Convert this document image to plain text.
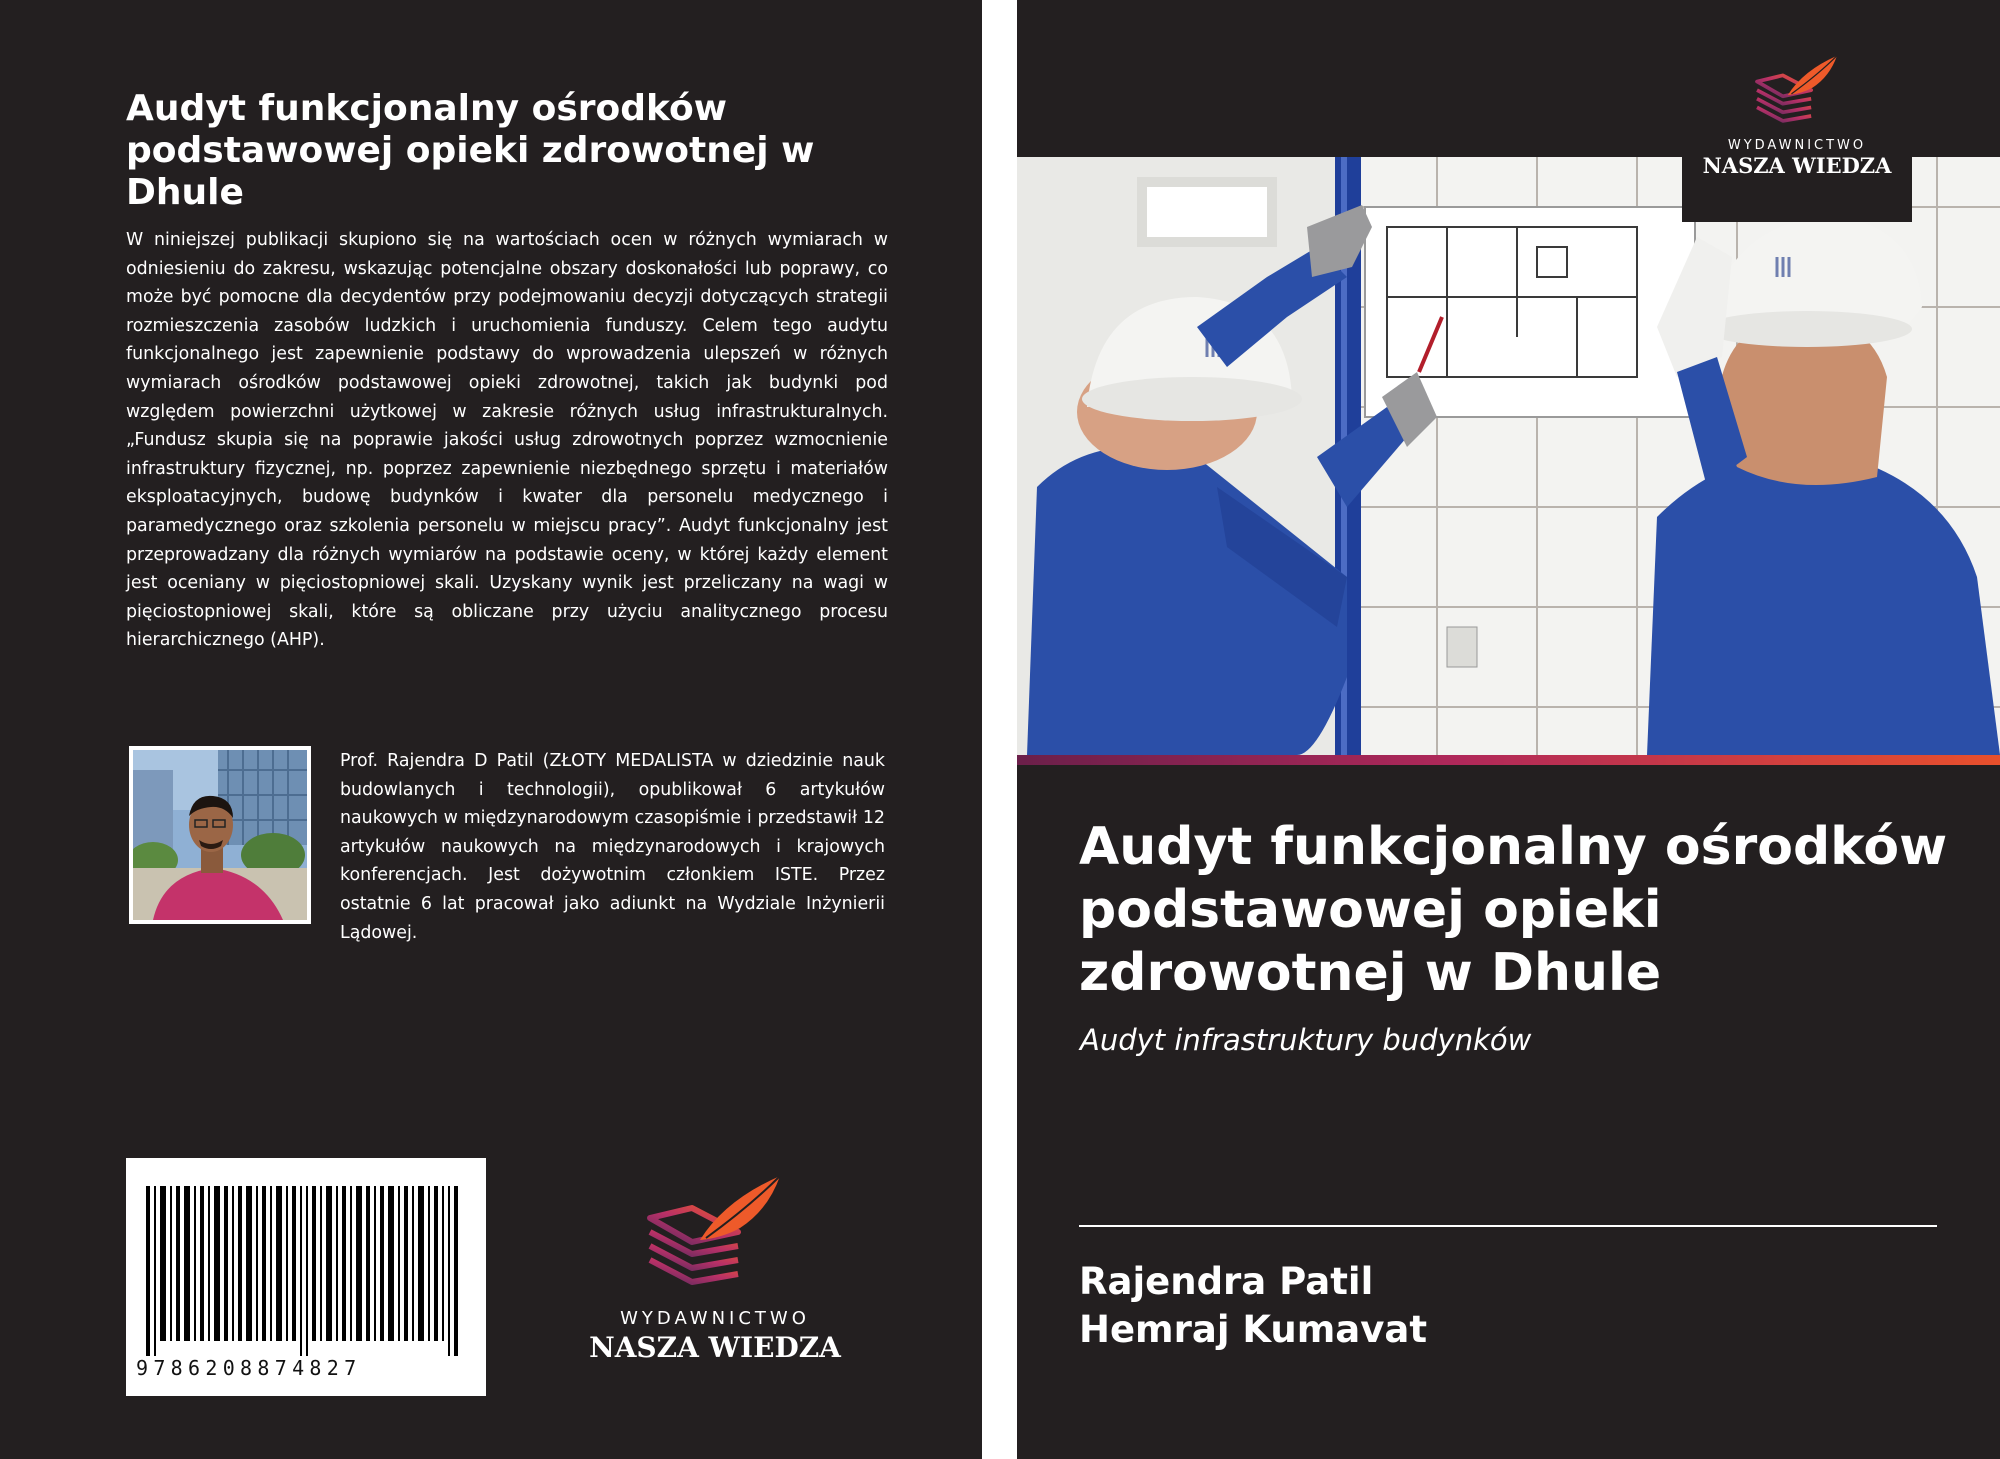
Audyt funkcjonalny ośrodków podstawowej opieki zdrowotnej w Dhule

W niniejszej publikacji skupiono się na wartościach ocen w różnych wymiarach w odniesieniu do zakresu, wskazując potencjalne obszary doskonałości lub poprawy, co może być pomocne dla decydentów przy podejmowaniu decyzji dotyczących strategii rozmieszczenia zasobów ludzkich i uruchomienia funduszy. Celem tego audytu funkcjonalnego jest zapewnienie podstawy do wprowadzenia ulepszeń w różnych wymiarach ośrodków podstawowej opieki zdrowotnej, takich jak budynki pod względem powierzchni użytkowej w zakresie różnych usług infrastrukturalnych. „Fundusz skupia się na poprawie jakości usług zdrowotnych poprzez wzmocnienie infrastruktury fizycznej, np. poprzez zapewnienie niezbędnego sprzętu i materiałów eksploatacyjnych, budowę budynków i kwater dla personelu medycznego i paramedycznego oraz szkolenia personelu w miejscu pracy”. Audyt funkcjonalny jest przeprowadzany dla różnych wymiarów na podstawie oceny, w której każdy element jest oceniany w pięciostopniowej skali. Uzyskany wynik jest przeliczany na wagi w pięciostopniowej skali, które są obliczane przy użyciu analitycznego procesu hierarchicznego (AHP).

Prof. Rajendra D Patil (ZŁOTY MEDALISTA w dziedzinie nauk budowlanych i technologii), opublikował 6 artykułów naukowych w międzynarodowym czasopiśmie i przedstawił 12 artykułów naukowych na międzynarodowych i krajowych konferencjach. Jest dożywotnim członkiem ISTE. Przez ostatnie 6 lat pracował jako adiunkt na Wydziale Inżynierii Lądowej.

9786208874827
WYDAWNICTWO
NASZA WIEDZA
WYDAWNICTWO
NASZA WIEDZA
Audyt funkcjonalny ośrodków podstawowej opieki zdrowotnej w Dhule
Audyt infrastruktury budynków
Rajendra Patil
Hemraj Kumavat
